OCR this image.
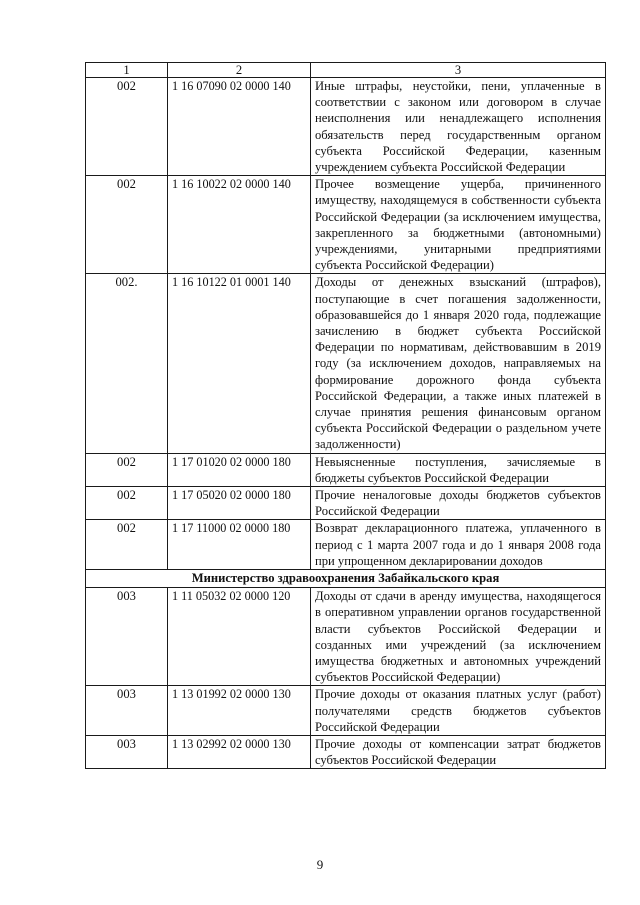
1	2	3
002	1 16 07090 02 0000 140	Иные штрафы, неустойки, пени, уплаченные в соответствии с законом или договором в случае неисполнения или ненадлежащего исполнения обязательств перед государственным органом субъекта Российской Федерации, казенным учреждением субъекта Российской Федерации
002	1 16 10022 02 0000 140	Прочее возмещение ущерба, причиненного имуществу, находящемуся в собственности субъекта Российской Федерации (за исключением имущества, закрепленного за бюджетными (автономными) учреждениями, унитарными предприятиями субъекта Российской Федерации)
002.	1 16 10122 01 0001 140	Доходы от денежных взысканий (штрафов), поступающие в счет погашения задолженности, образовавшейся до 1 января 2020 года, подлежащие зачислению в бюджет субъекта Российской Федерации по нормативам, действовавшим в 2019 году (за исключением доходов, направляемых на формирование дорожного фонда субъекта Российской Федерации, а также иных платежей в случае принятия решения финансовым органом субъекта Российской Федерации о раздельном учете задолженности)
002	1 17 01020 02 0000 180	Невыясненные поступления, зачисляемые в бюджеты субъектов Российской Федерации
002	1 17 05020 02 0000 180	Прочие неналоговые доходы бюджетов субъектов Российской Федерации
002	1 17 11000 02 0000 180	Возврат декларационного платежа, уплаченного в период с 1 марта 2007 года и до 1 января 2008 года при упрощенном декларировании доходов
Министерство здравоохранения Забайкальского края		
003	1 11 05032 02 0000 120	Доходы от сдачи в аренду имущества, находящегося в оперативном управлении органов государственной власти субъектов Российской Федерации и созданных ими учреждений (за исключением имущества бюджетных и автономных учреждений субъектов Российской Федерации)
003	1 13 01992 02 0000 130	Прочие доходы от оказания платных услуг (работ) получателями средств бюджетов субъектов Российской Федерации
003	1 13 02992 02 0000 130	Прочие доходы от компенсации затрат бюджетов субъектов Российской Федерации
9
